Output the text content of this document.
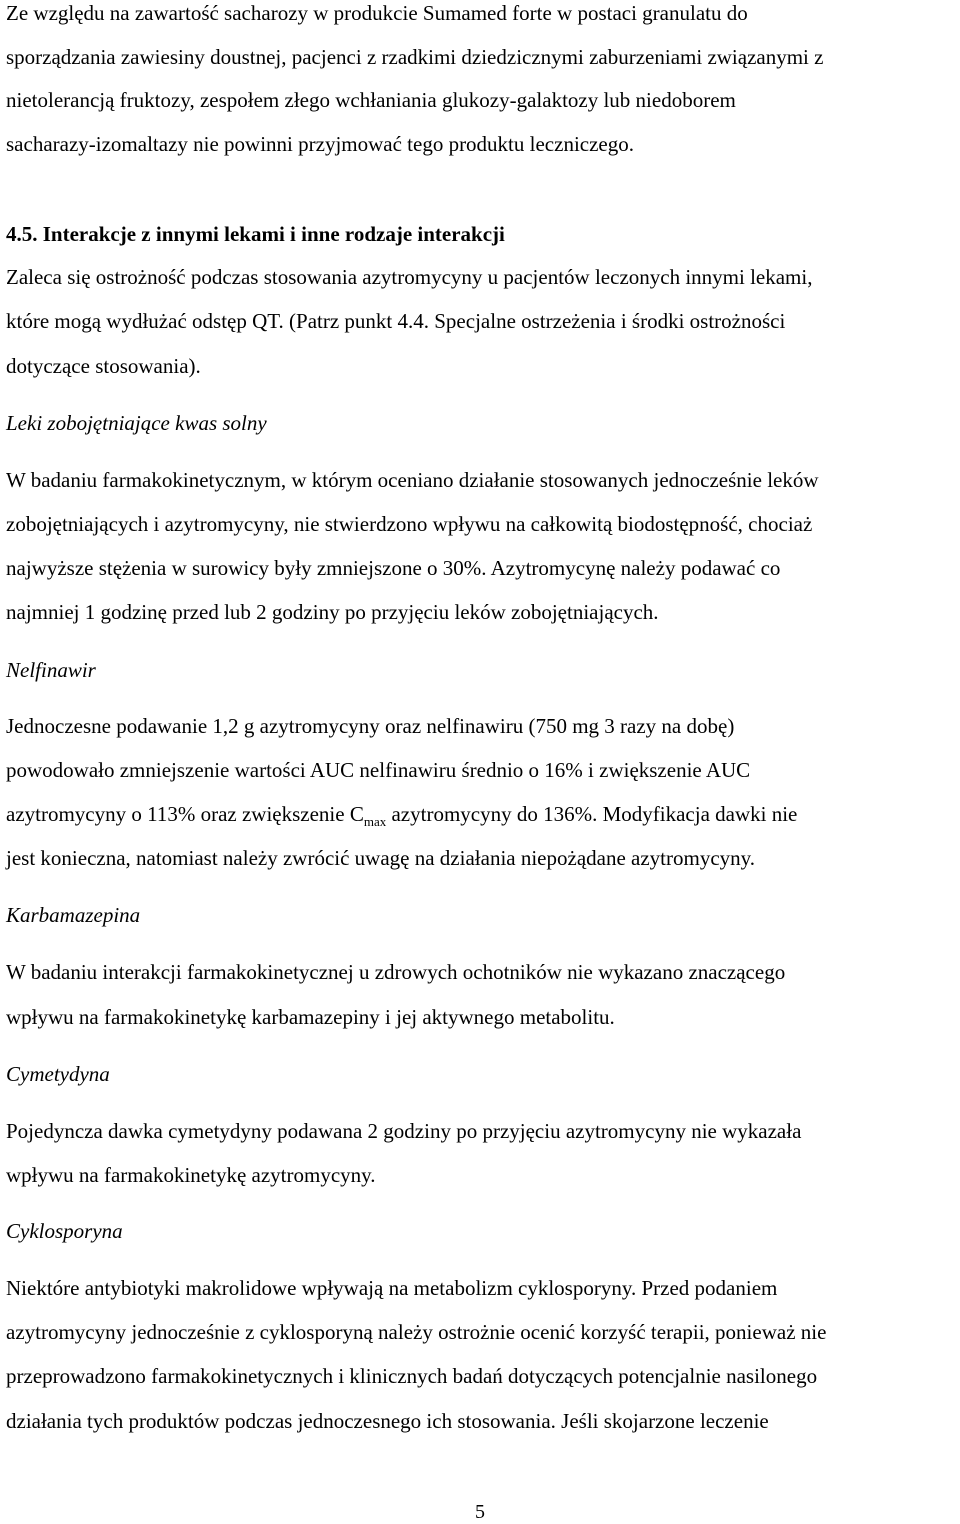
Ze względu na zawartość sacharozy w produkcie Sumamed forte w postaci granulatu do
sporządzania zawiesiny doustnej, pacjenci z rzadkimi dziedzicznymi zaburzeniami związanymi z
nietolerancją fruktozy, zespołem złego wchłaniania glukozy-galaktozy lub niedoborem
sacharazy-izomaltazy nie powinni przyjmować tego produktu leczniczego.
4.5. Interakcje z innymi lekami i inne rodzaje interakcji
Zaleca się ostrożność podczas stosowania azytromycyny u pacjentów leczonych innymi lekami,
które mogą wydłużać odstęp QT. (Patrz punkt 4.4. Specjalne ostrzeżenia i środki ostrożności
dotyczące stosowania).
Leki zobojętniające kwas solny
W badaniu farmakokinetycznym, w którym oceniano działanie stosowanych jednocześnie leków
zobojętniających i azytromycyny, nie stwierdzono wpływu na całkowitą biodostępność, chociaż
najwyższe stężenia w surowicy były zmniejszone o 30%. Azytromycynę należy podawać co
najmniej 1 godzinę przed lub 2 godziny po przyjęciu leków zobojętniających.
Nelfinawir
Jednoczesne podawanie 1,2 g azytromycyny oraz nelfinawiru (750 mg 3 razy na dobę)
powodowało zmniejszenie wartości AUC nelfinawiru średnio o 16% i zwiększenie AUC
azytromycyny o 113% oraz zwiększenie $C_{max}$ azytromycyny do 136%. Modyfikacja dawki nie
jest konieczna, natomiast należy zwrócić uwagę na działania niepożądane azytromycyny.
Karbamazepina
W badaniu interakcji farmakokinetycznej u zdrowych ochotników nie wykazano znaczącego
wpływu na farmakokinetykę karbamazepiny i jej aktywnego metabolitu.
Cymetydyna
Pojedyncza dawka cymetydyny podawana 2 godziny po przyjęciu azytromycyny nie wykazała
wpływu na farmakokinetykę azytromycyny.
Cyklosporyna
Niektóre antybiotyki makrolidowe wpływają na metabolizm cyklosporyny. Przed podaniem
azytromycyny jednocześnie z cyklosporyną należy ostrożnie ocenić korzyść terapii, ponieważ nie
przeprowadzono farmakokinetycznych i klinicznych badań dotyczących potencjalnie nasilonego
działania tych produktów podczas jednoczesnego ich stosowania. Jeśli skojarzone leczenie
5
